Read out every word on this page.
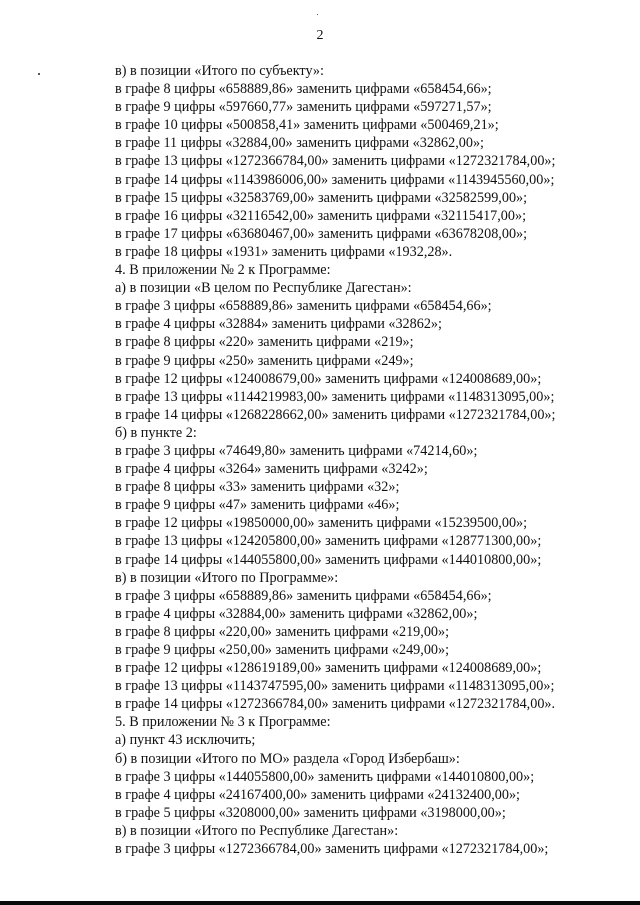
2
в) в позиции «Итого по субъекту»:
в графе 8 цифры «658889,86» заменить цифрами «658454,66»;
в графе 9 цифры «597660,77» заменить цифрами «597271,57»;
в графе 10 цифры «500858,41» заменить цифрами «500469,21»;
в графе 11 цифры «32884,00» заменить цифрами «32862,00»;
в графе 13 цифры «1272366784,00» заменить цифрами «1272321784,00»;
в графе 14 цифры «1143986006,00» заменить цифрами «1143945560,00»;
в графе 15 цифры «32583769,00» заменить цифрами «32582599,00»;
в графе 16 цифры «32116542,00» заменить цифрами «32115417,00»;
в графе 17 цифры «63680467,00» заменить цифрами «63678208,00»;
в графе 18 цифры «1931» заменить цифрами «1932,28».
4. В приложении № 2 к Программе:
а) в позиции «В целом по Республике Дагестан»:
в графе 3 цифры «658889,86» заменить цифрами «658454,66»;
в графе 4 цифры «32884» заменить цифрами «32862»;
в графе 8 цифры «220» заменить цифрами «219»;
в графе 9 цифры «250» заменить цифрами «249»;
в графе 12 цифры «124008679,00» заменить цифрами «124008689,00»;
в графе 13 цифры «1144219983,00» заменить цифрами «1148313095,00»;
в графе 14 цифры «1268228662,00» заменить цифрами «1272321784,00»;
б) в пункте 2:
в графе 3 цифры «74649,80» заменить цифрами «74214,60»;
в графе 4 цифры «3264» заменить цифрами «3242»;
в графе 8 цифры «33» заменить цифрами «32»;
в графе 9 цифры «47» заменить цифрами «46»;
в графе 12 цифры «19850000,00» заменить цифрами «15239500,00»;
в графе 13 цифры «124205800,00» заменить цифрами «128771300,00»;
в графе 14 цифры «144055800,00» заменить цифрами «144010800,00»;
в) в позиции «Итого по Программе»:
в графе 3 цифры «658889,86» заменить цифрами «658454,66»;
в графе 4 цифры «32884,00» заменить цифрами «32862,00»;
в графе 8 цифры «220,00» заменить цифрами «219,00»;
в графе 9 цифры «250,00» заменить цифрами «249,00»;
в графе 12 цифры «128619189,00» заменить цифрами «124008689,00»;
в графе 13 цифры «1143747595,00» заменить цифрами «1148313095,00»;
в графе 14 цифры «1272366784,00» заменить цифрами «1272321784,00».
5. В приложении № 3 к Программе:
а) пункт 43 исключить;
б) в позиции «Итого по МО» раздела «Город Избербаш»:
в графе 3 цифры «144055800,00» заменить цифрами «144010800,00»;
в графе 4 цифры «24167400,00» заменить цифрами «24132400,00»;
в графе 5 цифры «3208000,00» заменить цифрами «3198000,00»;
в) в позиции «Итого по Республике Дагестан»:
в графе 3 цифры «1272366784,00» заменить цифрами «1272321784,00»;
